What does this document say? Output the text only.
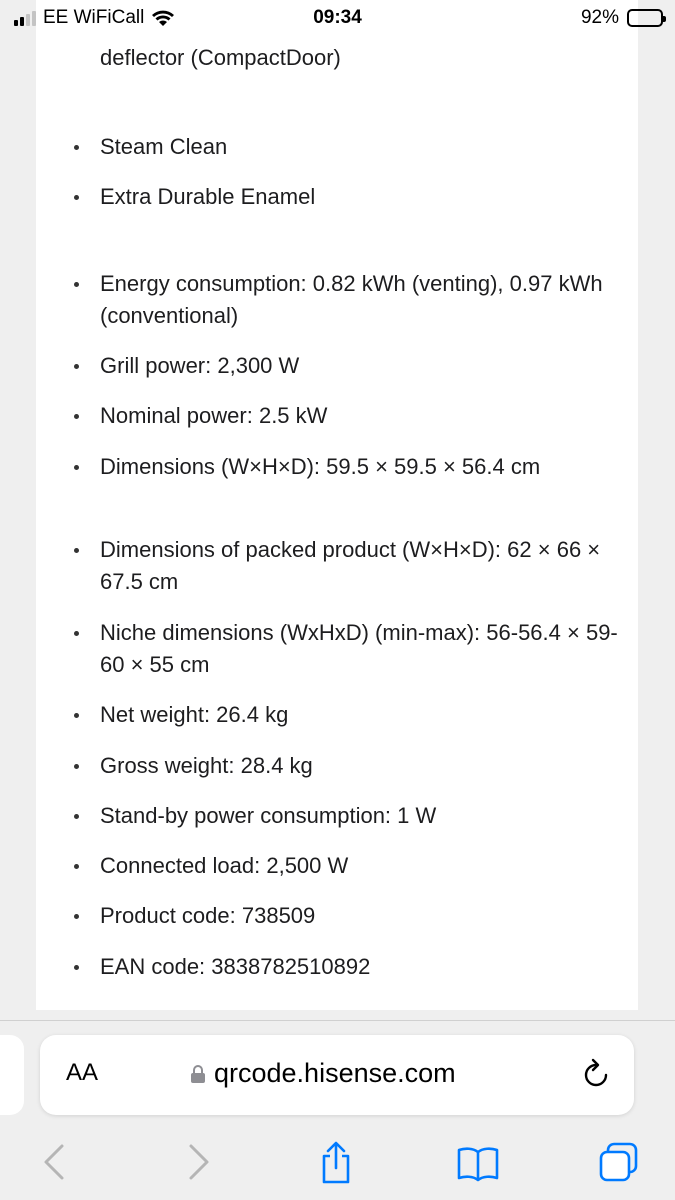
EE WiFiCall	09:34	92%
deflector (CompactDoor)
Steam Clean
Extra Durable Enamel
Energy consumption: 0.82 kWh (venting), 0.97 kWh (conventional)
Grill power: 2,300 W
Nominal power: 2.5 kW
Dimensions (W×H×D): 59.5 × 59.5 × 56.4 cm
Dimensions of packed product (W×H×D): 62 × 66 × 67.5 cm
Niche dimensions (WxHxD) (min-max): 56-56.4 × 59-60 × 55 cm
Net weight: 26.4 kg
Gross weight: 28.4 kg
Stand-by power consumption: 1 W
Connected load: 2,500 W
Product code: 738509
EAN code: 3838782510892
AA	qrcode.hisense.com
